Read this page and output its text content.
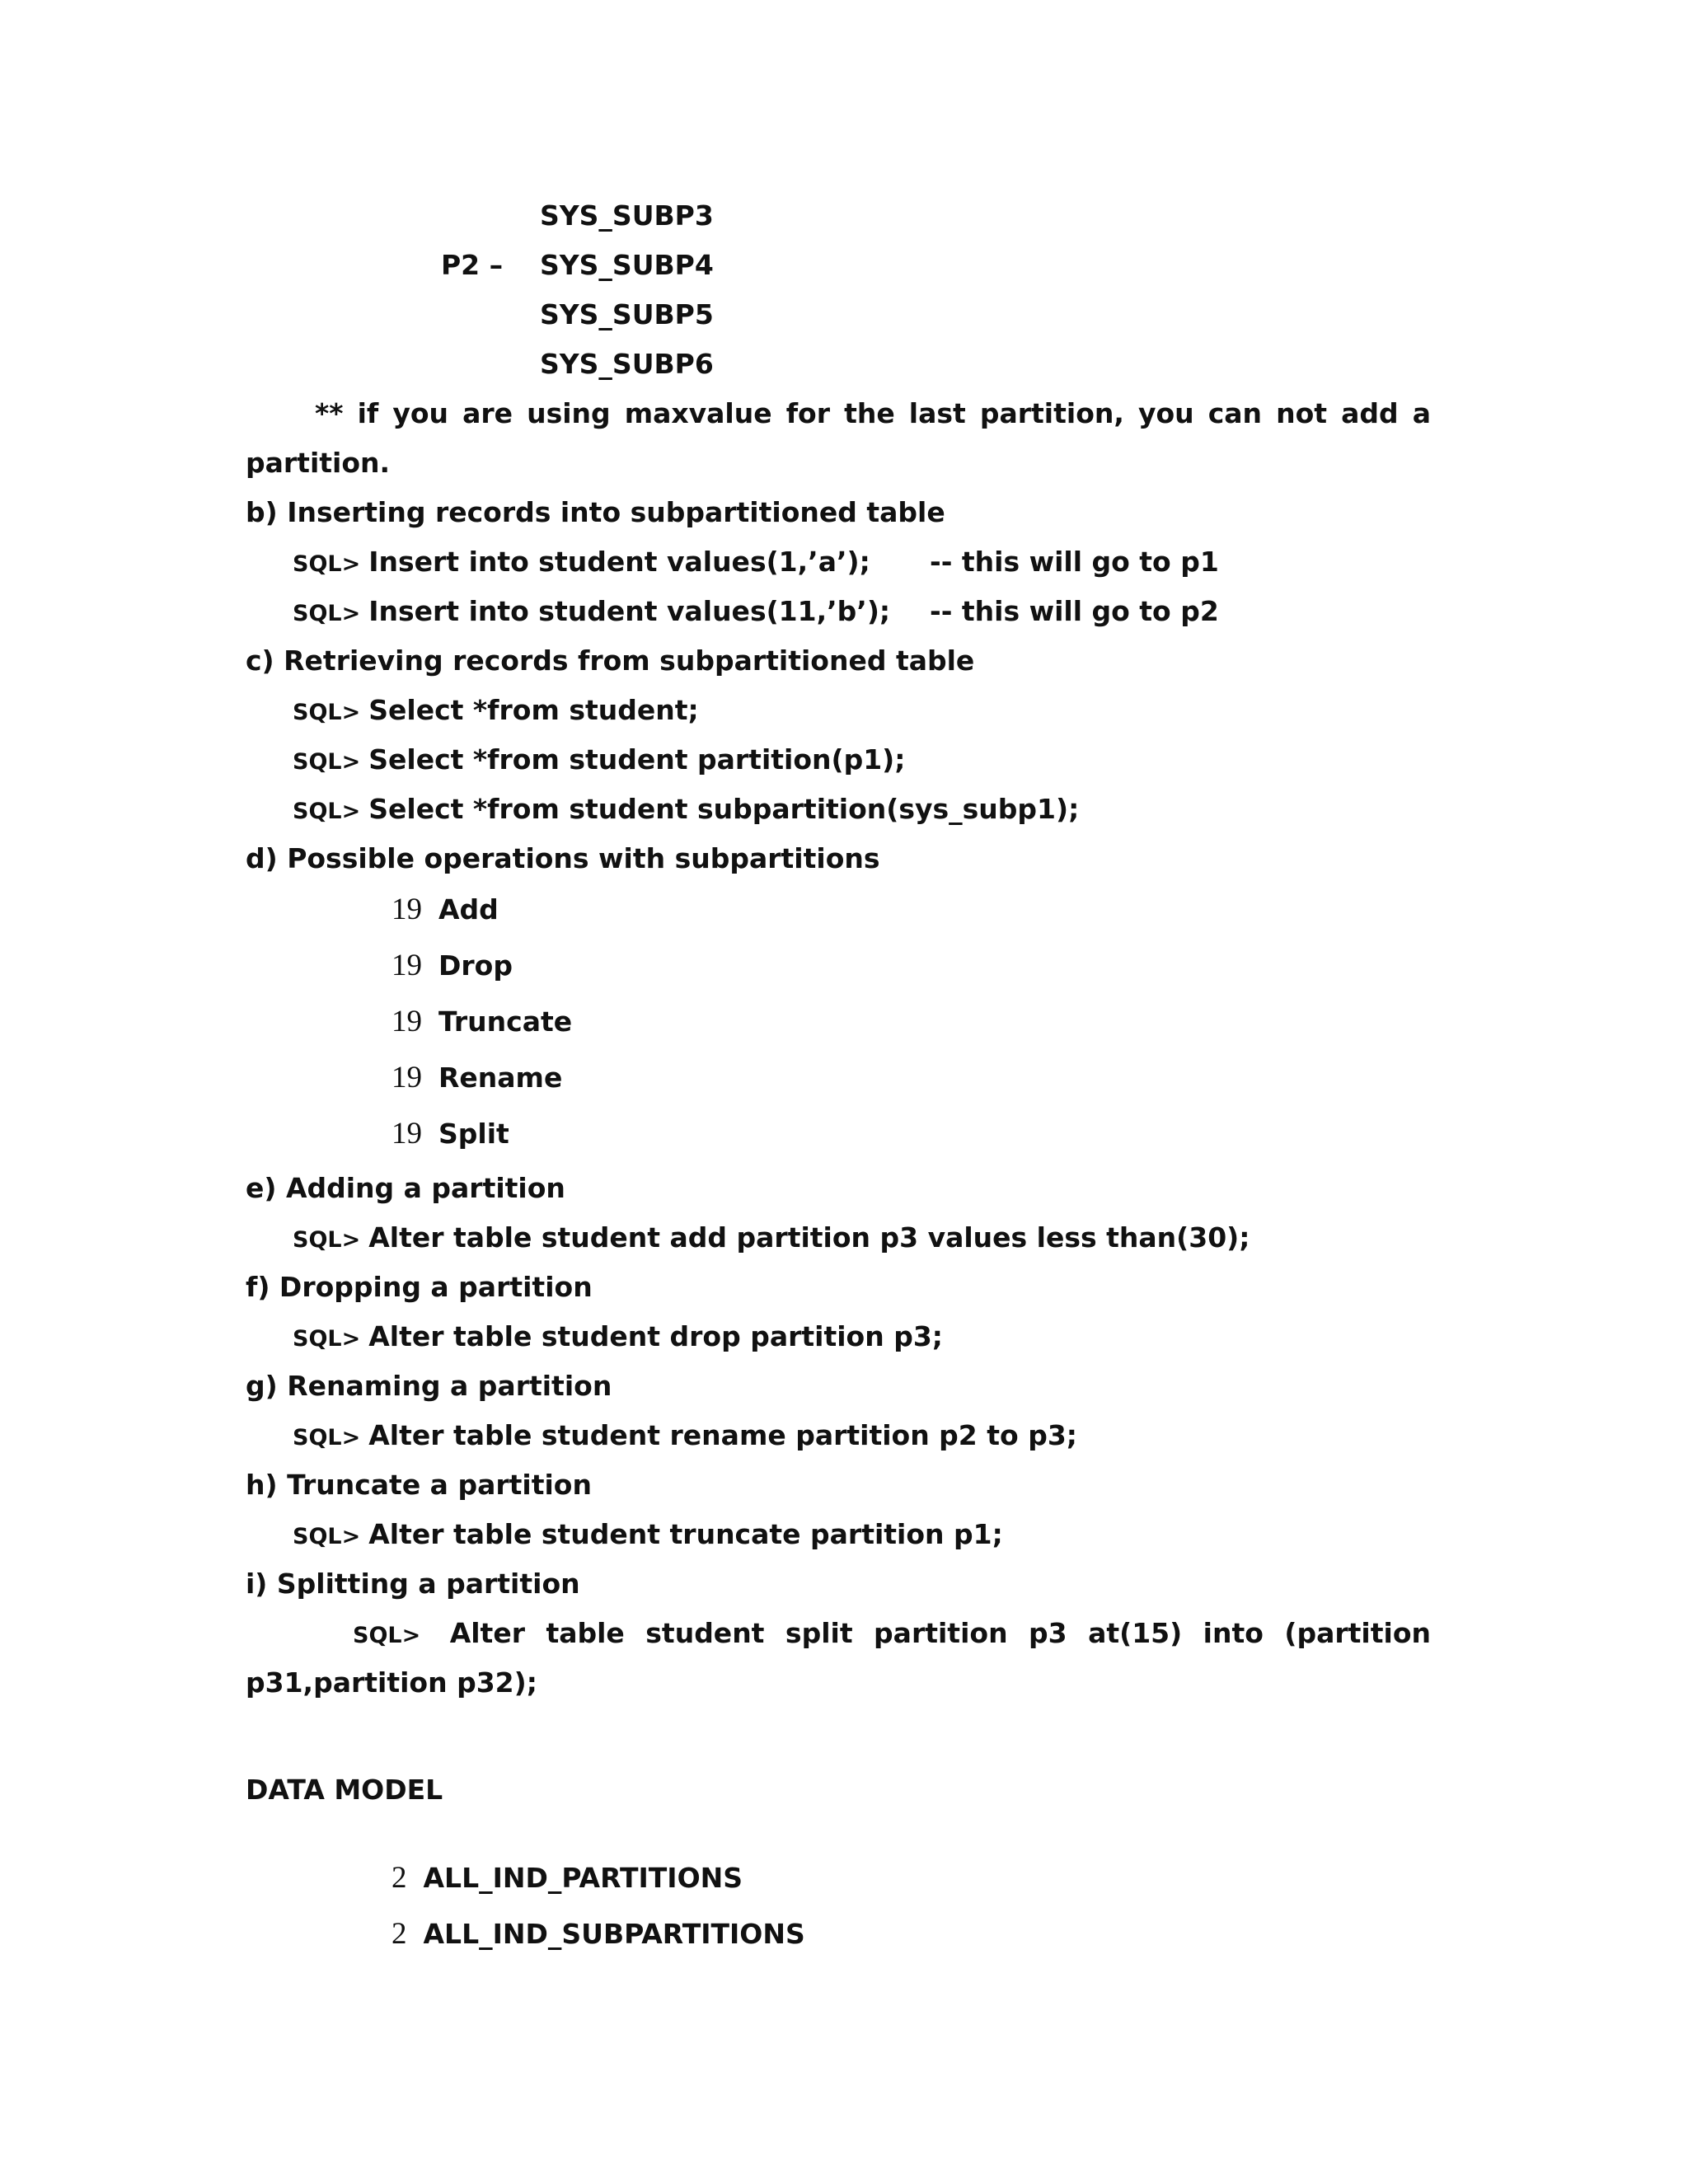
SYS_SUBP3
P2 – SYS_SUBP4
SYS_SUBP5
SYS_SUBP6
** if you are using maxvalue for the last partition, you can not add a
partition.
b) Inserting records into subpartitioned table
SQL> Insert into student values(1,’a’); -- this will go to p1
SQL> Insert into student values(11,’b’); -- this will go to p2
c) Retrieving records from subpartitioned table
SQL> Select *from student;
SQL> Select *from student partition(p1);
SQL> Select *from student subpartition(sys_subp1);
d) Possible operations with subpartitions
19 Add
19 Drop
19 Truncate
19 Rename
19 Split
e) Adding a partition
SQL> Alter table student add partition p3 values less than(30);
f) Dropping a partition
SQL> Alter table student drop partition p3;
g) Renaming a partition
SQL> Alter table student rename partition p2 to p3;
h) Truncate a partition
SQL> Alter table student truncate partition p1;
i) Splitting a partition
SQL> Alter table student split partition p3 at(15) into (partition
p31,partition p32);
DATA MODEL
2 ALL_IND_PARTITIONS
2 ALL_IND_SUBPARTITIONS
